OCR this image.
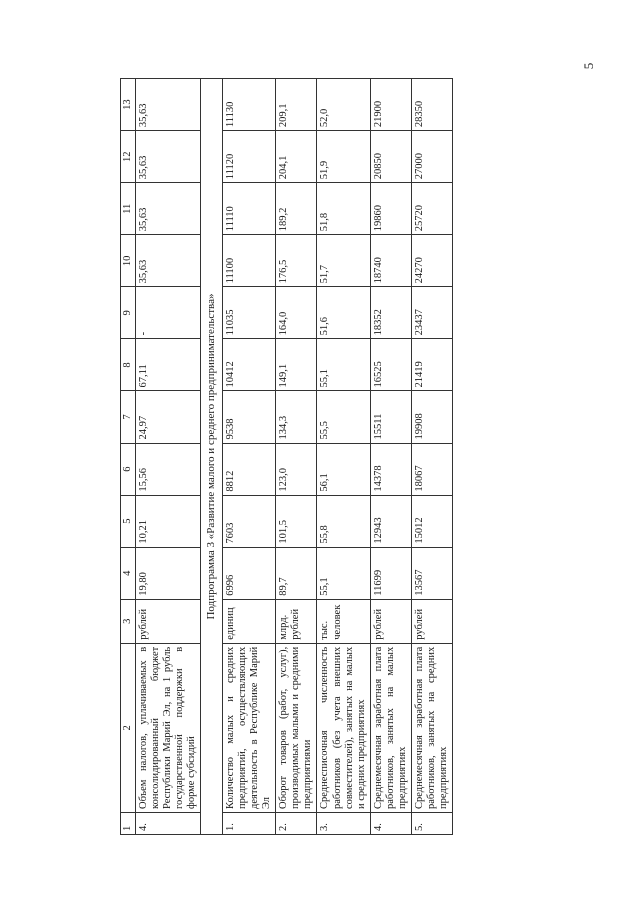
5
1	2	3	4	5	6	7	8	9	10	11	12	13
4.	Объем налогов, уплачиваемых в консолидированный бюджет Республики Марий Эл, на 1 рубль государственной поддержки в форме субсидий	рублей	19,80	10,21	15,56	24,97	67,11	-	35,63	35,63	35,63	35,63
Подпрограмма 3 «Развитие малого и среднего предпринимательства»												
1.	Количество малых и средних предприятий, осуществляющих деятельность в Республике Марий Эл	единиц	6996	7603	8812	9538	10412	11035	11100	11110	11120	11130
2.	Оборот товаров (работ, услуг), производимых малыми и средними предприятиями	млрд. рублей	89,7	101,5	123,0	134,3	149,1	164,0	176,5	189,2	204,1	209,1
3.	Среднесписочная численность работников (без учета внешних совместителей), занятых на малых и средних предприятиях	тыс. человек	55,1	55,8	56,1	55,5	55,1	51,6	51,7	51,8	51,9	52,0
4.	Среднемесячная заработная плата работников, занятых на малых предприятиях	рублей	11699	12943	14378	15511	16525	18352	18740	19860	20850	21900
5.	Среднемесячная заработная плата работников, занятых на средних предприятиях	рублей	13567	15012	18067	19908	21419	23437	24270	25720	27000	28350
